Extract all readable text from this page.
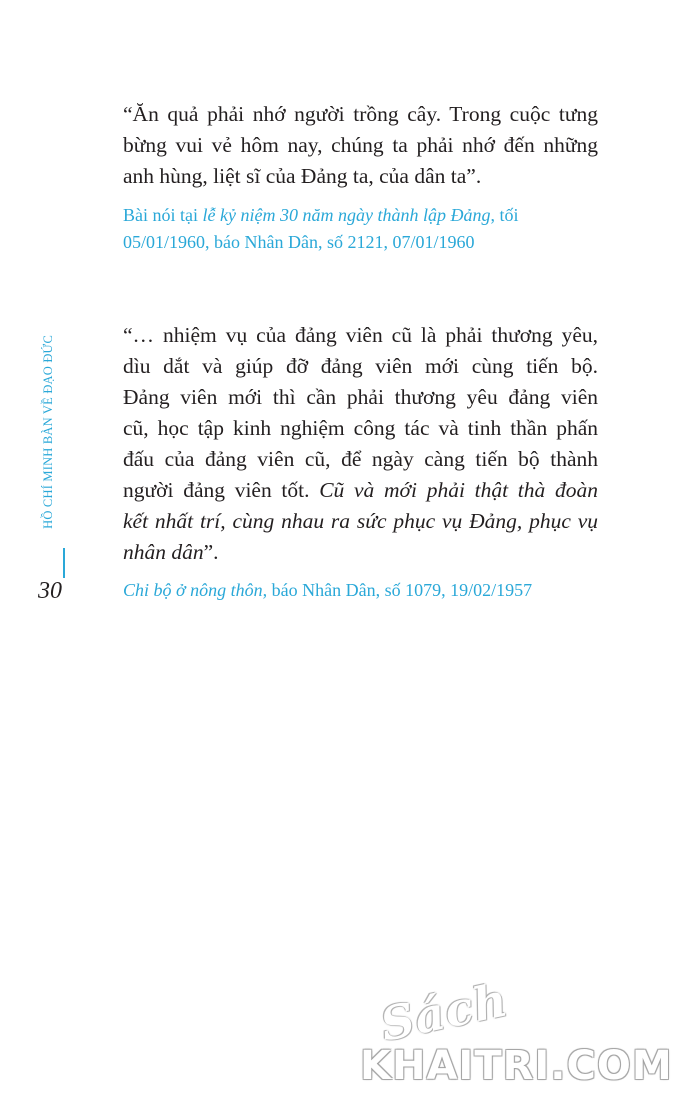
“Ăn quả phải nhớ người trồng cây. Trong cuộc tưng
bừng vui vẻ hôm nay, chúng ta phải nhớ đến những
anh hùng, liệt sĩ của Đảng ta, của dân ta”.
Bài nói tại lễ kỷ niệm 30 năm ngày thành lập Đảng, tối
05/01/1960, báo Nhân Dân, số 2121, 07/01/1960
“… nhiệm vụ của đảng viên cũ là phải thương yêu,
dìu dắt và giúp đỡ đảng viên mới cùng tiến bộ.
Đảng viên mới thì cần phải thương yêu đảng viên
cũ, học tập kinh nghiệm công tác và tinh thần phấn
đấu của đảng viên cũ, để ngày càng tiến bộ thành
người đảng viên tốt. Cũ và mới phải thật thà đoàn
kết nhất trí, cùng nhau ra sức phục vụ Đảng, phục vụ
nhân dân”.
Chi bộ ở nông thôn, báo Nhân Dân, số 1079, 19/02/1957
HỒ CHÍ MINH BÀN VỀ ĐẠO ĐỨC
30
Sách
KHAITRI.COM
